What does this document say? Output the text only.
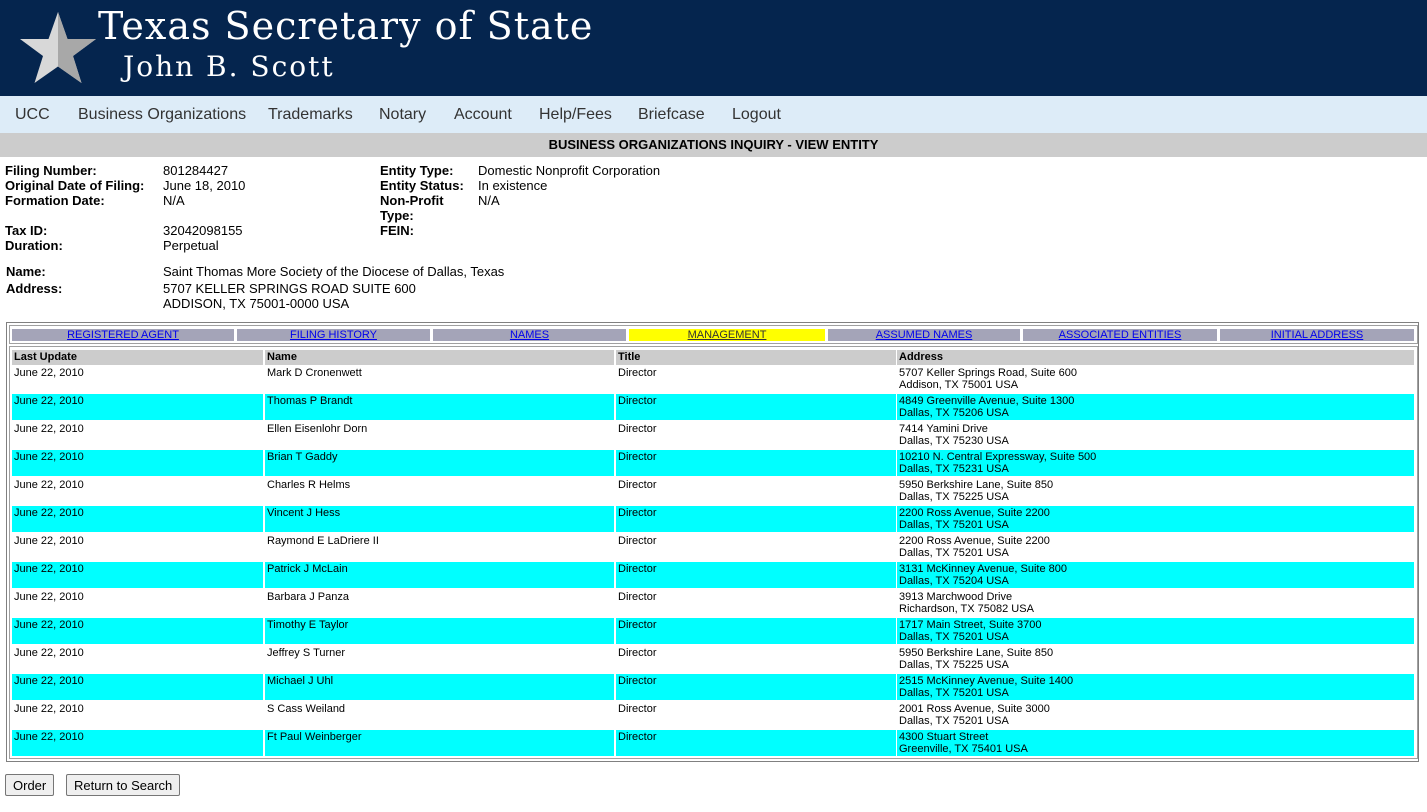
Texas Secretary of State
John B. Scott
UCC Business Organizations Trademarks Notary Account Help/Fees Briefcase Logout
BUSINESS ORGANIZATIONS INQUIRY - VIEW ENTITY
Filing Number:	801284427
Original Date of Filing: June 18, 2010
Formation Date:	N/A
Tax ID:	32042098155
Duration:	Perpetual
Entity Type: Domestic Nonprofit Corporation
Entity Status: In existence
Non-Profit
Type:
N/A
FEIN:
Name:	Saint Thomas More Society of the Diocese of Dallas, Texas
Address:	5707 KELLER SPRINGS ROAD SUITE 600
ADDISON, TX 75001-0000 USA
REGISTERED AGENT	FILING HISTORY	NAMES	MANAGEMENT	ASSUMED NAMES	ASSOCIATED ENTITIES	INITIAL ADDRESS
Last Update	Name	Title	Address
June 22, 2010	Mark D Cronenwett	Director	5707 Keller Springs Road, Suite 600
Addison, TX 75001 USA
June 22, 2010	Thomas P Brandt	Director	4849 Greenville Avenue, Suite 1300
Dallas, TX 75206 USA
June 22, 2010	Ellen Eisenlohr Dorn	Director	7414 Yamini Drive
Dallas, TX 75230 USA
June 22, 2010	Brian T Gaddy	Director	10210 N. Central Expressway, Suite 500
Dallas, TX 75231 USA
June 22, 2010	Charles R Helms	Director	5950 Berkshire Lane, Suite 850
Dallas, TX 75225 USA
June 22, 2010	Vincent J Hess	Director	2200 Ross Avenue, Suite 2200
Dallas, TX 75201 USA
June 22, 2010	Raymond E LaDriere II	Director	2200 Ross Avenue, Suite 2200
Dallas, TX 75201 USA
June 22, 2010	Patrick J McLain	Director	3131 McKinney Avenue, Suite 800
Dallas, TX 75204 USA
June 22, 2010	Barbara J Panza	Director	3913 Marchwood Drive
Richardson, TX 75082 USA
June 22, 2010	Timothy E Taylor	Director	1717 Main Street, Suite 3700
Dallas, TX 75201 USA
June 22, 2010	Jeffrey S Turner	Director	5950 Berkshire Lane, Suite 850
Dallas, TX 75225 USA
June 22, 2010	Michael J Uhl	Director	2515 McKinney Avenue, Suite 1400
Dallas, TX 75201 USA
June 22, 2010	S Cass Weiland	Director	2001 Ross Avenue, Suite 3000
Dallas, TX 75201 USA
June 22, 2010	Ft Paul Weinberger	Director	4300 Stuart Street
Greenville, TX 75401 USA
Order	Return to Search
